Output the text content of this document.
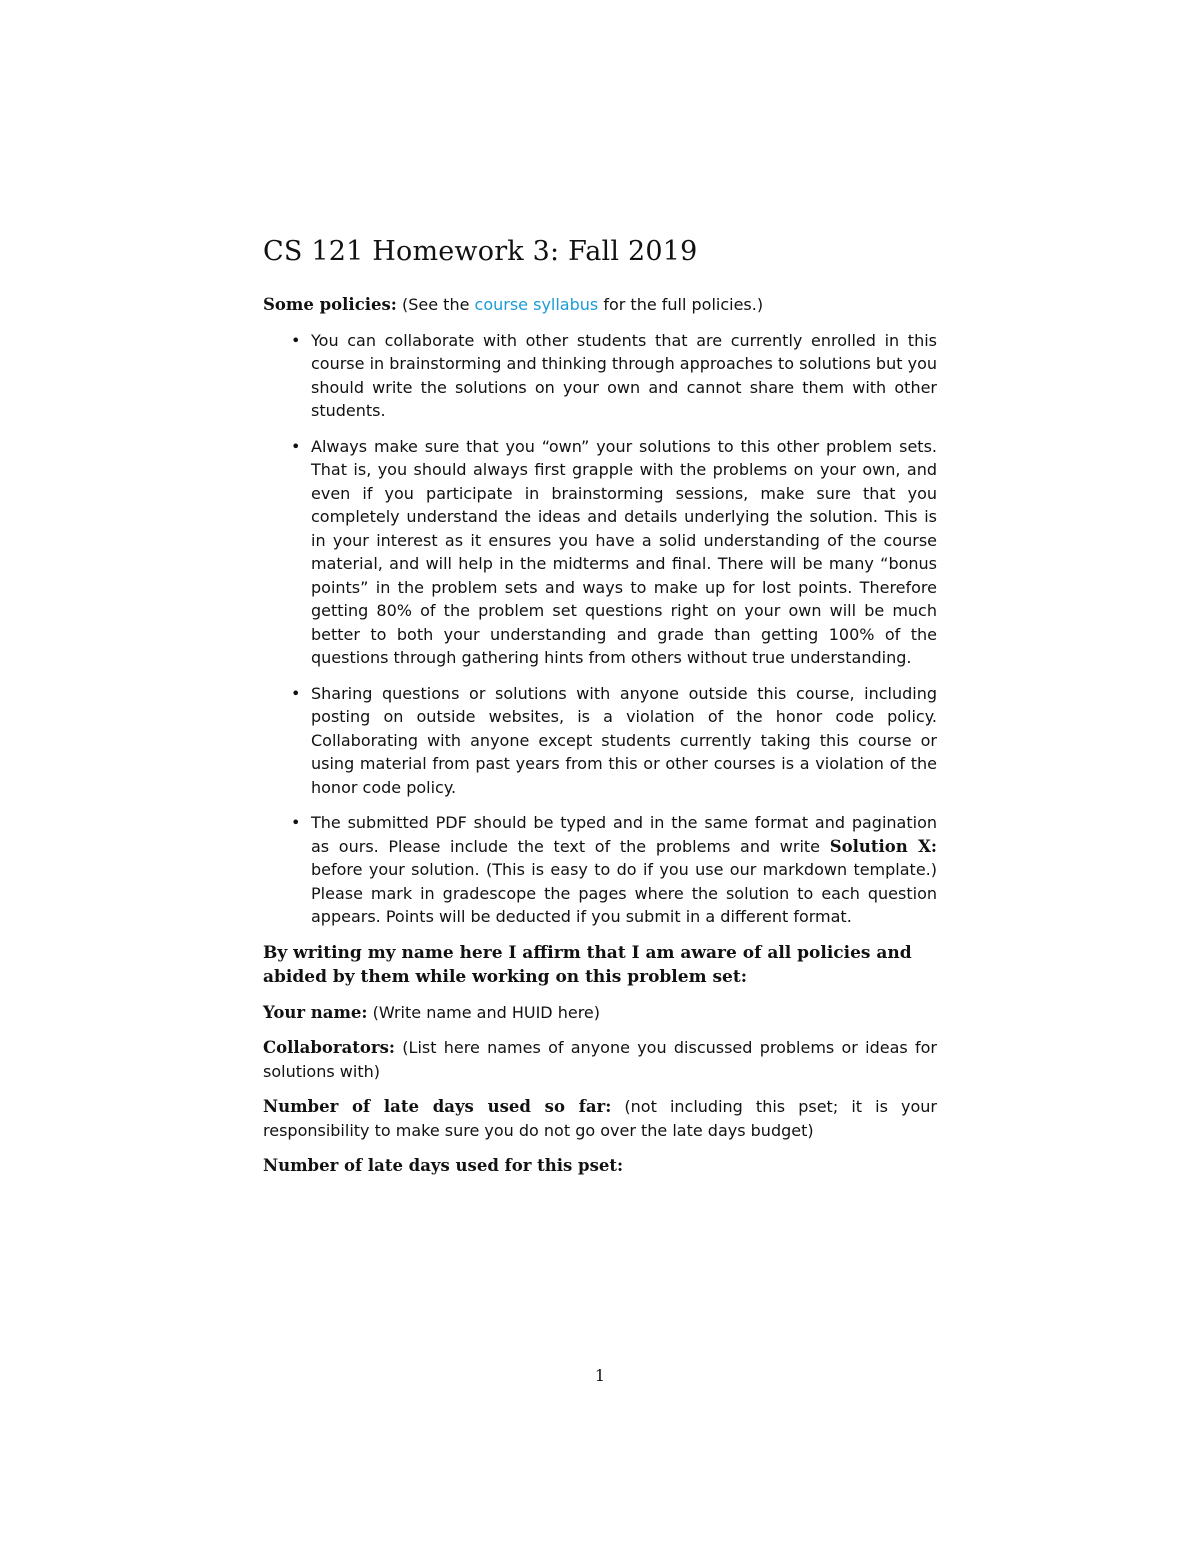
CS 121 Homework 3: Fall 2019

Some policies: (See the course syllabus for the full policies.)

• You can collaborate with other students that are currently enrolled in this course in brainstorming and thinking through approaches to solutions but you should write the solutions on your own and cannot share them with other students.

• Always make sure that you “own” your solutions to this other problem sets. That is, you should always first grapple with the problems on your own, and even if you participate in brainstorming sessions, make sure that you completely understand the ideas and details underlying the solution. This is in your interest as it ensures you have a solid understanding of the course material, and will help in the midterms and final. There will be many “bonus points” in the problem sets and ways to make up for lost points. Therefore getting 80% of the problem set questions right on your own will be much better to both your understanding and grade than getting 100% of the questions through gathering hints from others without true understanding.

• Sharing questions or solutions with anyone outside this course, including posting on outside websites, is a violation of the honor code policy. Collaborating with anyone except students currently taking this course or using material from past years from this or other courses is a violation of the honor code policy.

• The submitted PDF should be typed and in the same format and pagination as ours. Please include the text of the problems and write Solution X: before your solution. (This is easy to do if you use our markdown template.) Please mark in gradescope the pages where the solution to each question appears. Points will be deducted if you submit in a different format.

By writing my name here I affirm that I am aware of all policies and abided by them while working on this problem set:

Your name: (Write name and HUID here)

Collaborators: (List here names of anyone you discussed problems or ideas for solutions with)

Number of late days used so far: (not including this pset; it is your responsibility to make sure you do not go over the late days budget)

Number of late days used for this pset:

1
